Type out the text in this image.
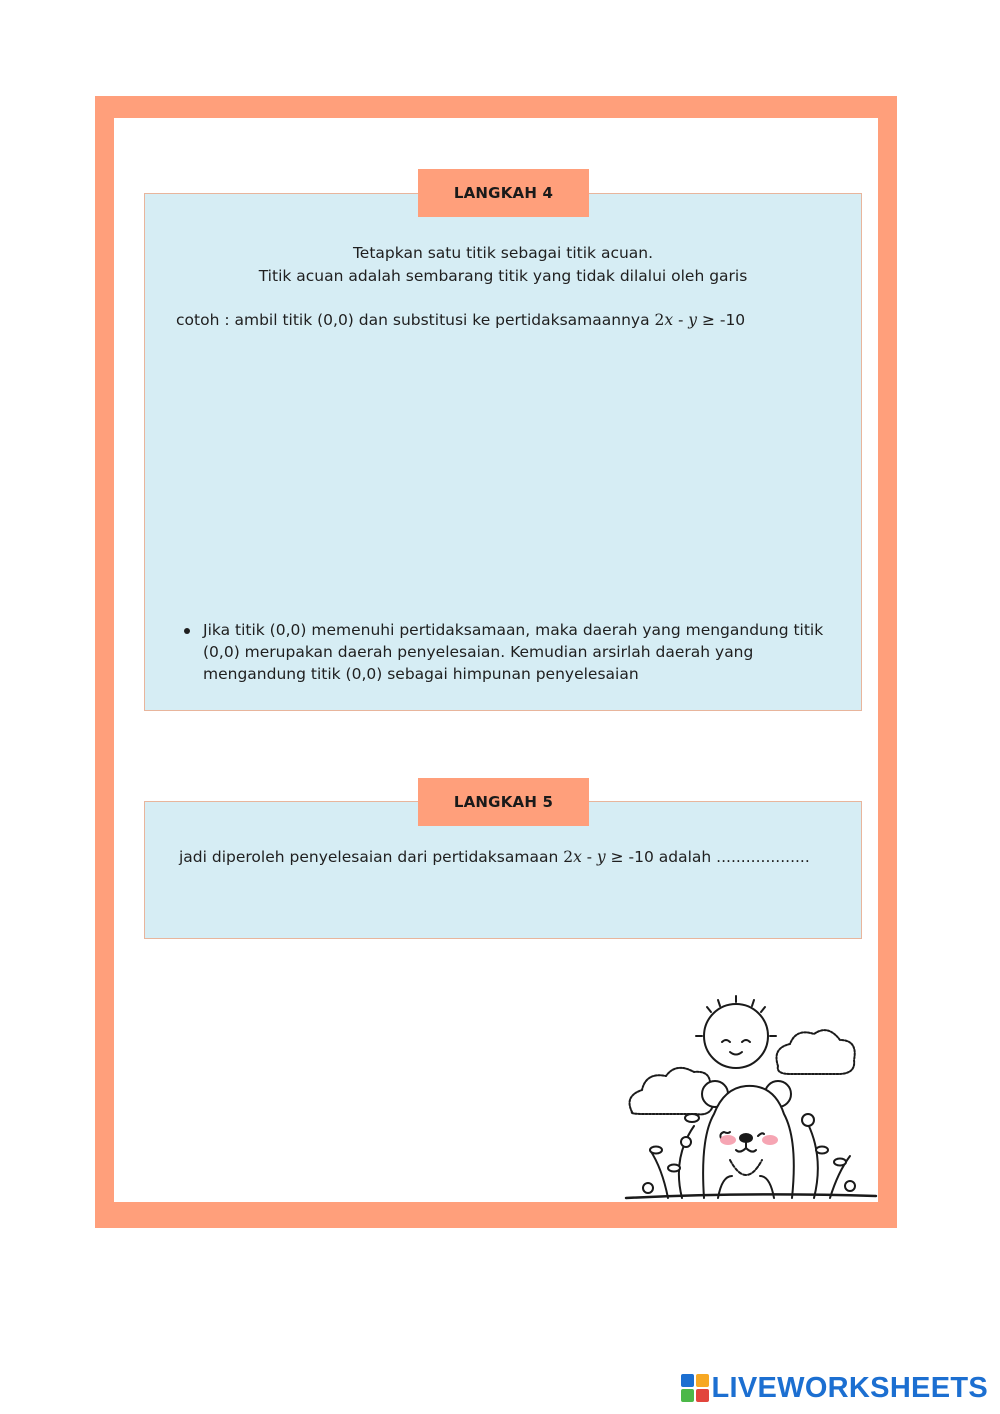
LANGKAH 4
Tetapkan satu titik sebagai titik acuan.
Titik acuan adalah sembarang titik yang tidak dilalui oleh garis
cotoh : ambil titik (0,0) dan substitusi ke pertidaksamaannya 2x - y ≥ -10
Jika titik (0,0) memenuhi pertidaksamaan, maka daerah yang mengandung titik (0,0) merupakan daerah penyelesaian. Kemudian arsirlah daerah yang mengandung titik (0,0) sebagai himpunan penyelesaian
LANGKAH 5
jadi diperoleh penyelesaian dari pertidaksamaan 2x - y ≥ -10 adalah ...................
LIVEWORKSHEETS
